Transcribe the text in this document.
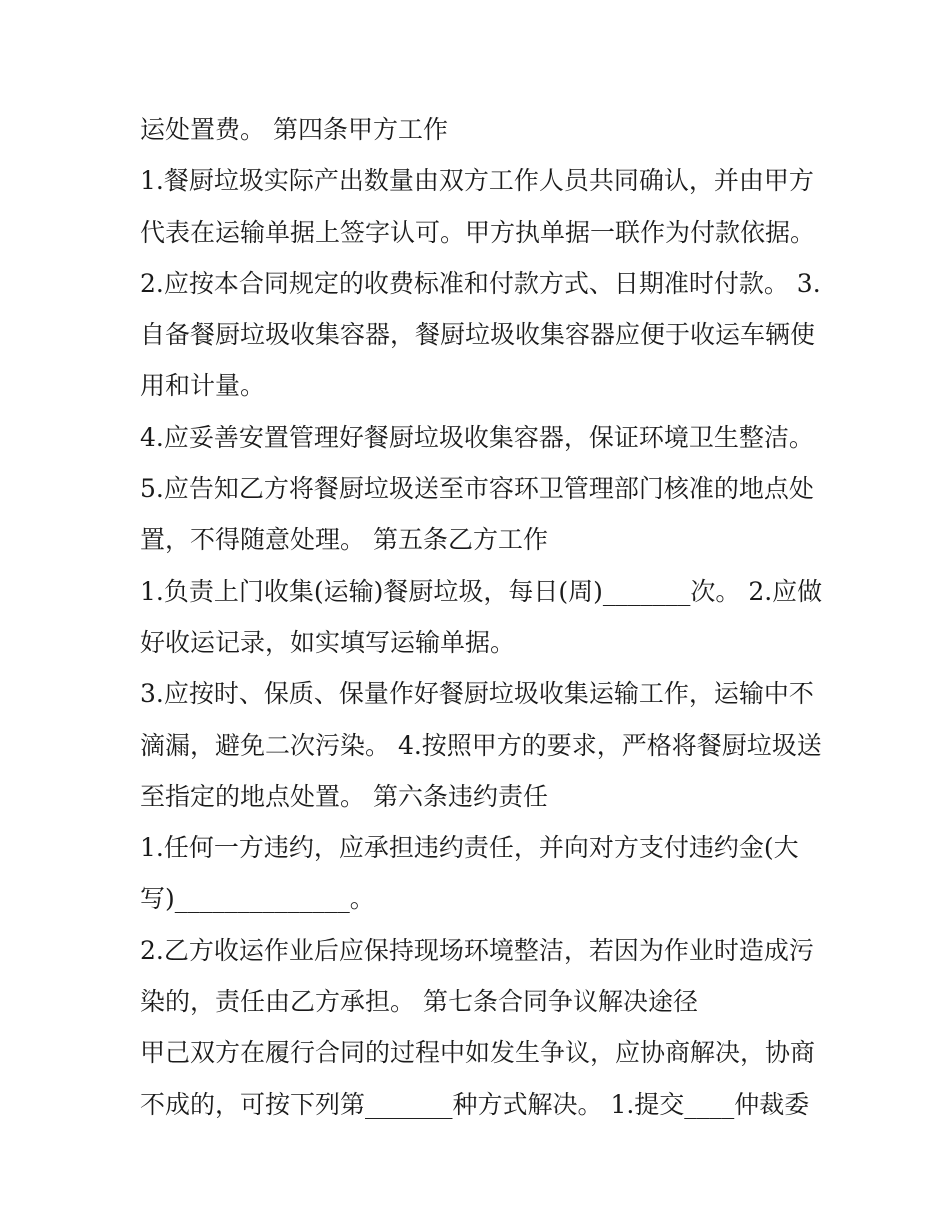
运处置费。 第四条甲方工作
1.餐厨垃圾实际产出数量由双方工作人员共同确认，并由甲方
代表在运输单据上签字认可。甲方执单据一联作为付款依据。
2.应按本合同规定的收费标准和付款方式、日期准时付款。 3.
自备餐厨垃圾收集容器，餐厨垃圾收集容器应便于收运车辆使
用和计量。
4.应妥善安置管理好餐厨垃圾收集容器，保证环境卫生整洁。
5.应告知乙方将餐厨垃圾送至市容环卫管理部门核准的地点处
置，不得随意处理。 第五条乙方工作
1.负责上门收集(运输)餐厨垃圾，每日(周)_______次。 2.应做
好收运记录，如实填写运输单据。
3.应按时、保质、保量作好餐厨垃圾收集运输工作，运输中不
滴漏，避免二次污染。 4.按照甲方的要求，严格将餐厨垃圾送
至指定的地点处置。 第六条违约责任
1.任何一方违约，应承担违约责任，并向对方支付违约金(大
写)______________。
2.乙方收运作业后应保持现场环境整洁，若因为作业时造成污
染的，责任由乙方承担。 第七条合同争议解决途径
甲己双方在履行合同的过程中如发生争议，应协商解决，协商
不成的，可按下列第_______种方式解决。 1.提交____仲裁委
